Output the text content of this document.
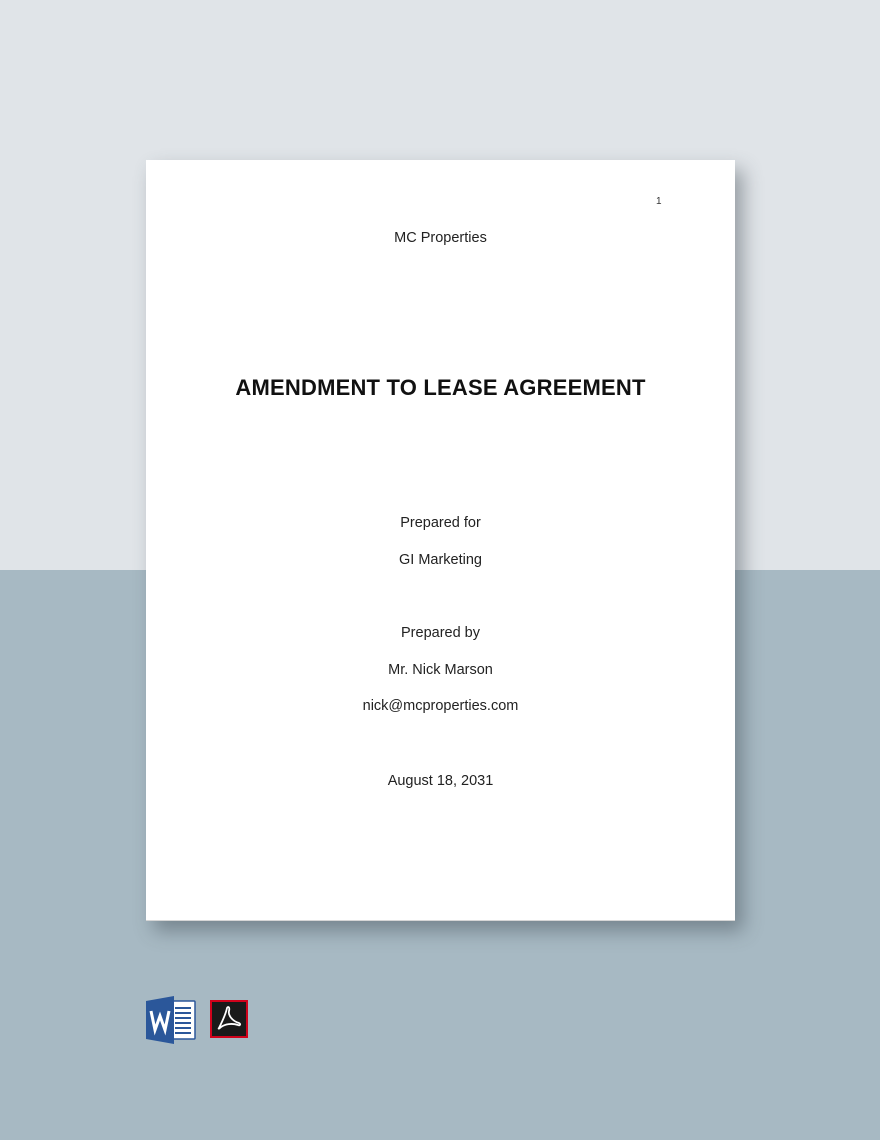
1
MC Properties
AMENDMENT TO LEASE AGREEMENT
Prepared for
GI Marketing
Prepared by
Mr. Nick Marson
nick@mcproperties.com
August 18, 2031
